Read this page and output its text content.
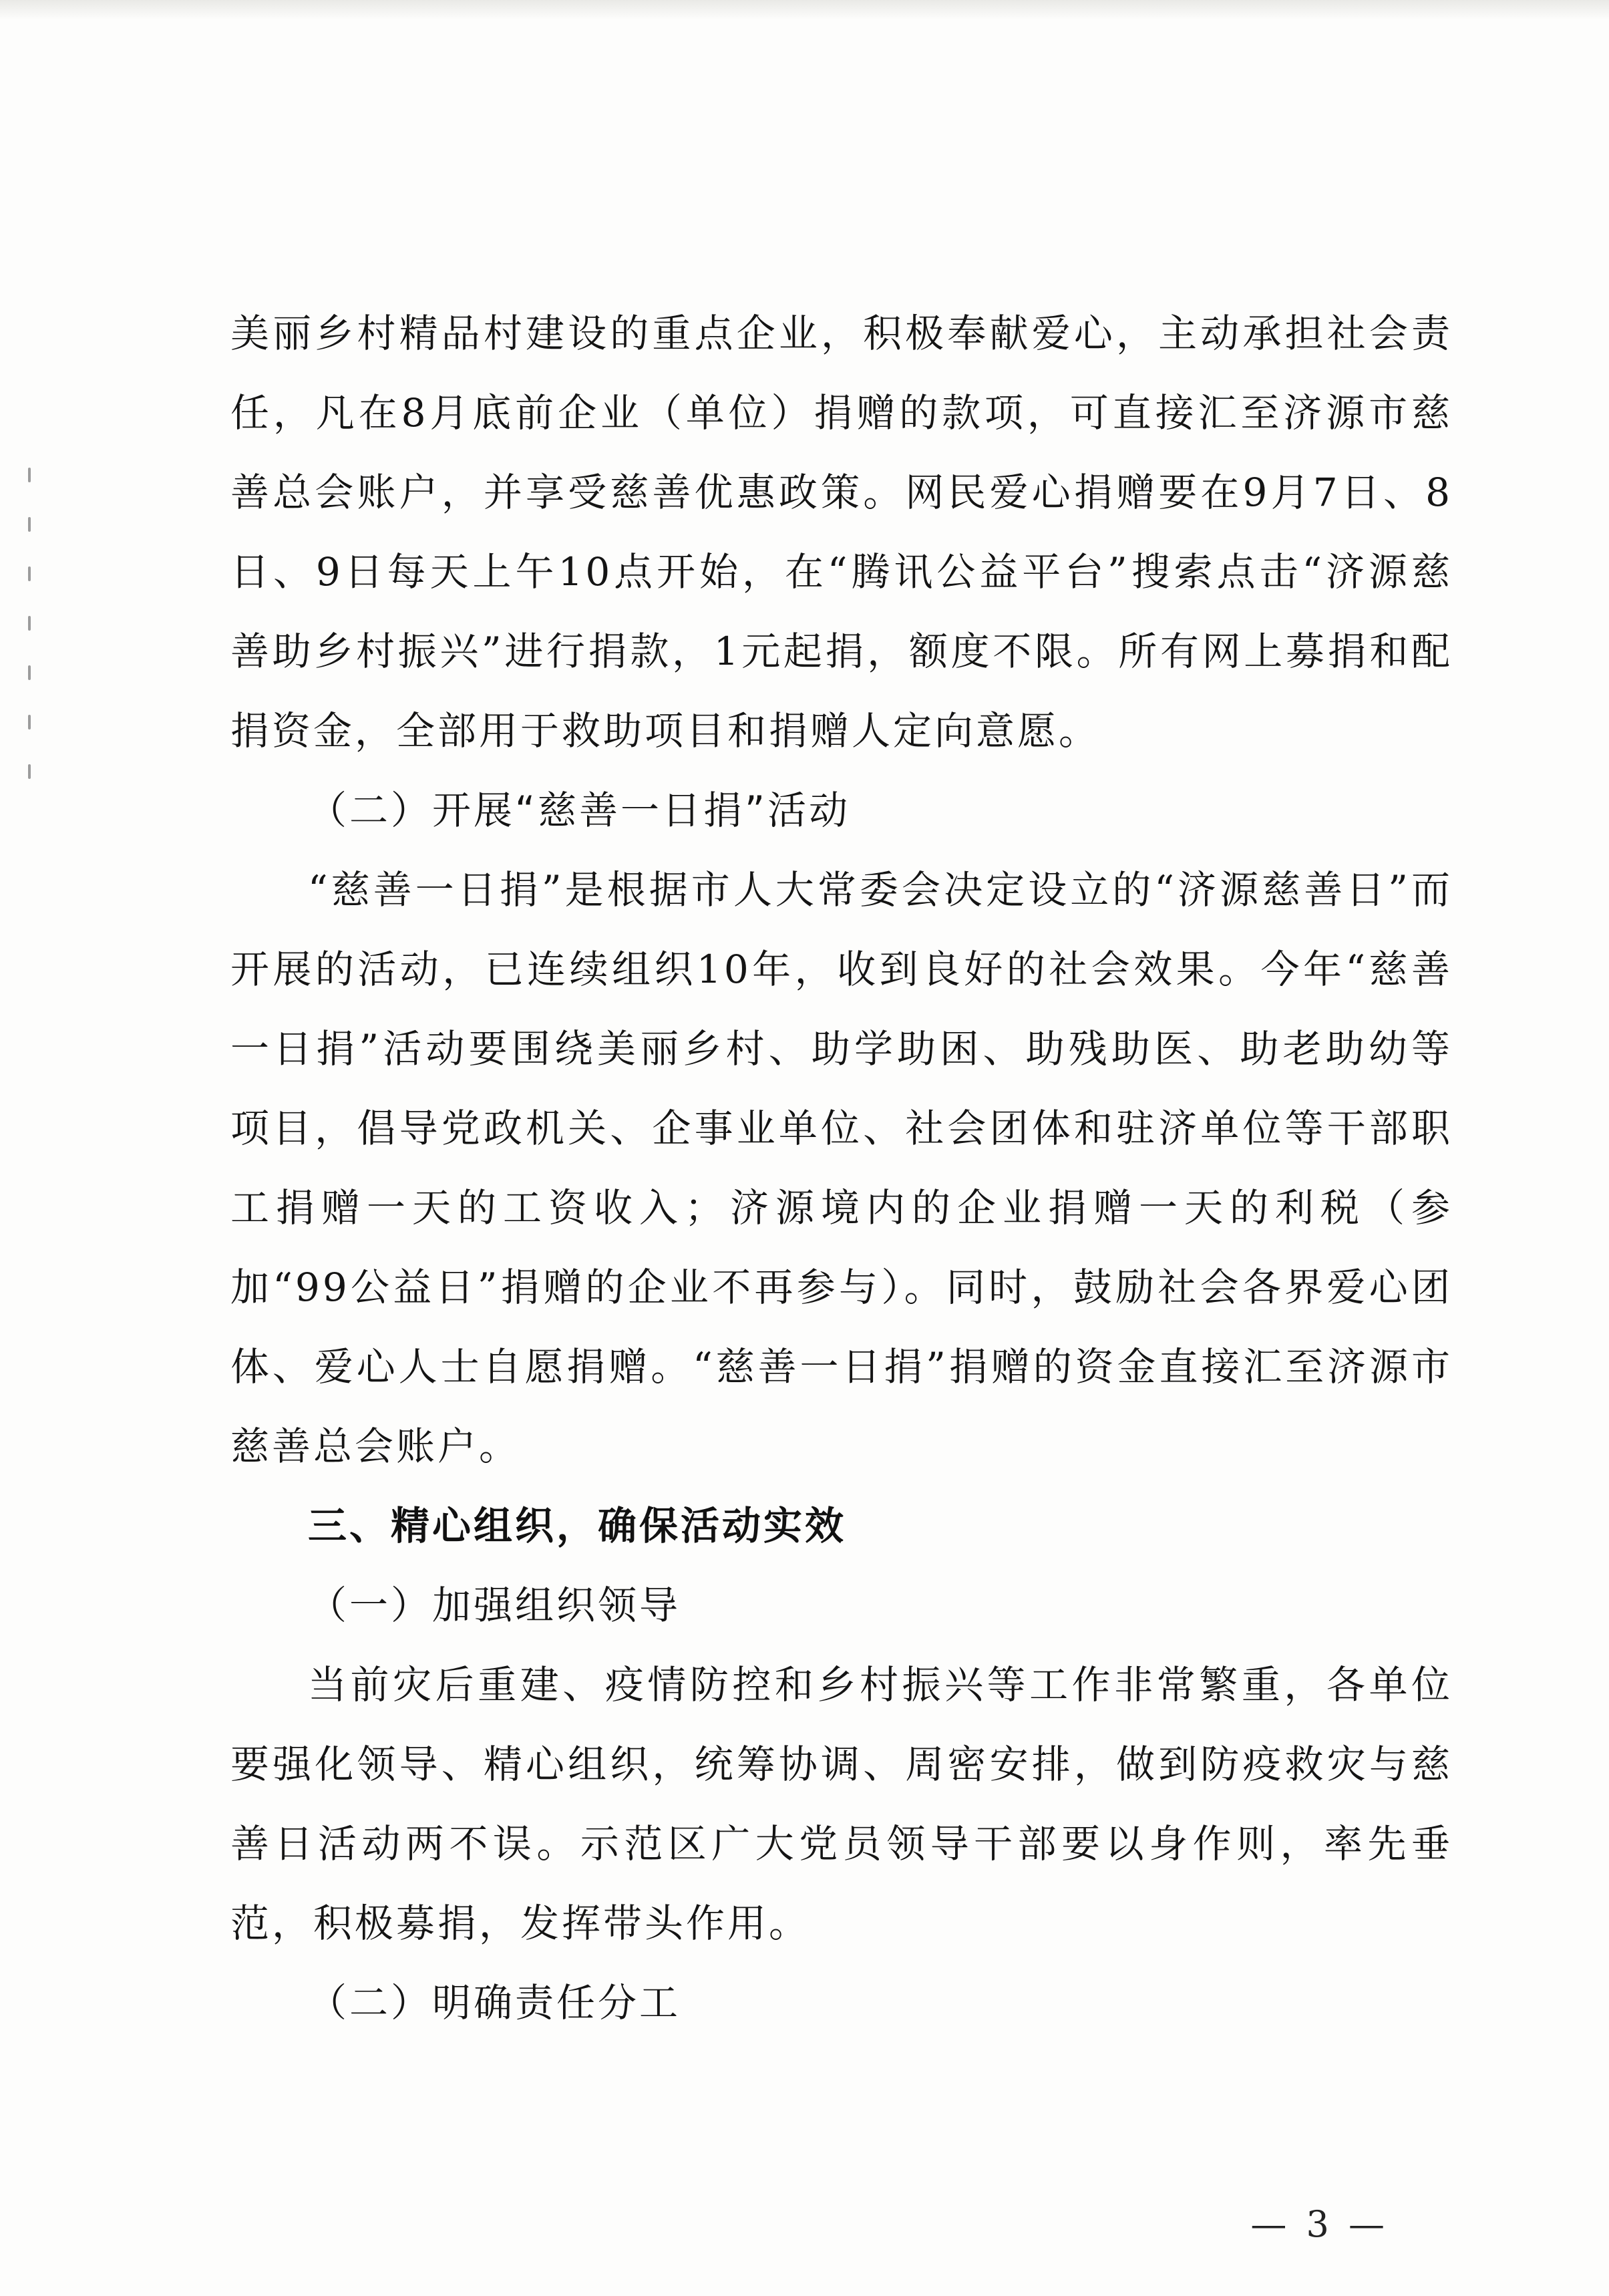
美丽乡村精品村建设的重点企业，积极奉献爱心，主动承担社会责任，凡在8月底前企业（单位）捐赠的款项，可直接汇至济源市慈善总会账户，并享受慈善优惠政策。网民爱心捐赠要在9月7日、8日、9日每天上午10点开始，在“腾讯公益平台”搜索点击“济源慈善助乡村振兴”进行捐款，1元起捐，额度不限。所有网上募捐和配捐资金，全部用于救助项目和捐赠人定向意愿。

（二）开展“慈善一日捐”活动

“慈善一日捐”是根据市人大常委会决定设立的“济源慈善日”而开展的活动，已连续组织10年，收到良好的社会效果。今年“慈善一日捐”活动要围绕美丽乡村、助学助困、助残助医、助老助幼等项目，倡导党政机关、企事业单位、社会团体和驻济单位等干部职工捐赠一天的工资收入；济源境内的企业捐赠一天的利税（参加“99公益日”捐赠的企业不再参与）。同时，鼓励社会各界爱心团体、爱心人士自愿捐赠。“慈善一日捐”捐赠的资金直接汇至济源市慈善总会账户。

三、精心组织，确保活动实效

（一）加强组织领导

当前灾后重建、疫情防控和乡村振兴等工作非常繁重，各单位要强化领导、精心组织，统筹协调、周密安排，做到防疫救灾与慈善日活动两不误。示范区广大党员领导干部要以身作则，率先垂范，积极募捐，发挥带头作用。

（二）明确责任分工

— 3 —
